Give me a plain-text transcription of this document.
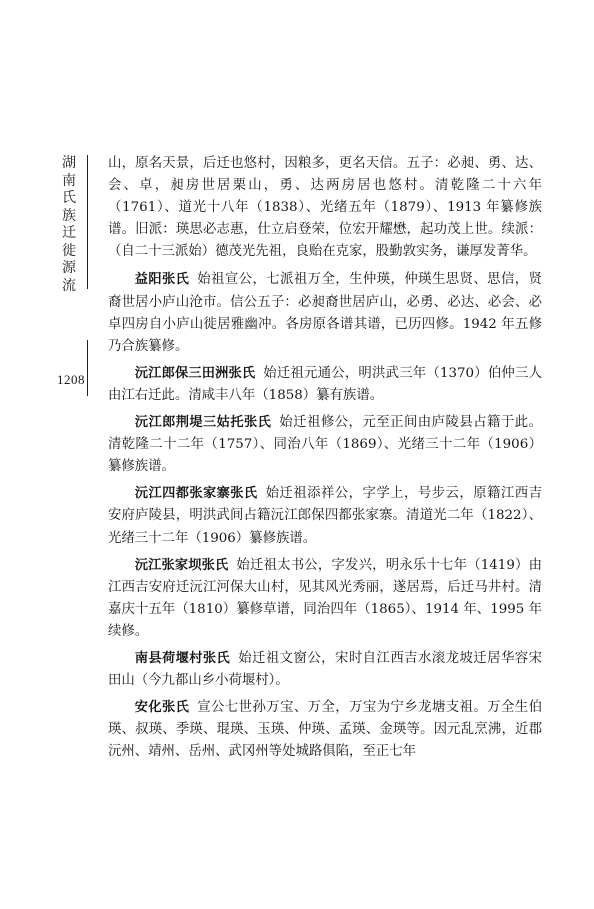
湖南氏族迁徙源流
1208

山，原名天景，后迁也悠村，因粮多，更名天信。五子：必昶、勇、达、会、卓，昶房世居栗山，勇、达两房居也悠村。清乾隆二十六年（1761）、道光十八年（1838）、光绪五年（1879）、1913 年纂修族谱。旧派：瑛思必志惠，仕立启登荣，位宏开耀懋，起功茂上世。续派：（自二十三派始）德茂光先祖，良贻在克家，股勤敦实务，谦厚发菁华。

益阳张氏 始祖宣公，七派祖万全，生仲瑛，仲瑛生思贤、思信，贤裔世居小庐山沧市。信公五子：必昶裔世居庐山，必勇、必达、必会、必卓四房自小庐山徙居雅幽冲。各房原各谱其谱，已历四修。1942 年五修乃合族纂修。

沅江郎保三田洲张氏 始迁祖元通公，明洪武三年（1370）伯仲三人由江右迁此。清咸丰八年（1858）纂有族谱。

沅江郎荆堤三姑托张氏 始迁祖修公，元至正间由庐陵县占籍于此。清乾隆二十二年（1757）、同治八年（1869）、光绪三十二年（1906）纂修族谱。

沅江四都张家寨张氏 始迁祖添祥公，字学上，号步云，原籍江西吉安府庐陵县，明洪武间占籍沅江郎保四都张家寨。清道光二年（1822）、光绪三十二年（1906）纂修族谱。

沅江张家坝张氏 始迁祖太书公，字发兴，明永乐十七年（1419）由江西吉安府迁沅江河保大山村，见其风光秀丽，遂居焉，后迁马井村。清嘉庆十五年（1810）纂修草谱，同治四年（1865）、1914 年、1995 年续修。

南县荷堰村张氏 始迁祖文窗公，宋时自江西吉水滚龙坡迁居华容宋田山（今九都山乡小荷堰村）。

安化张氏 宣公七世孙万宝、万全，万宝为宁乡龙塘支祖。万全生伯瑛、叔瑛、季瑛、琨瑛、玉瑛、仲瑛、孟瑛、金瑛等。因元乱烹沸，近郡沅州、靖州、岳州、武冈州等处城路俱陷，至正七年
